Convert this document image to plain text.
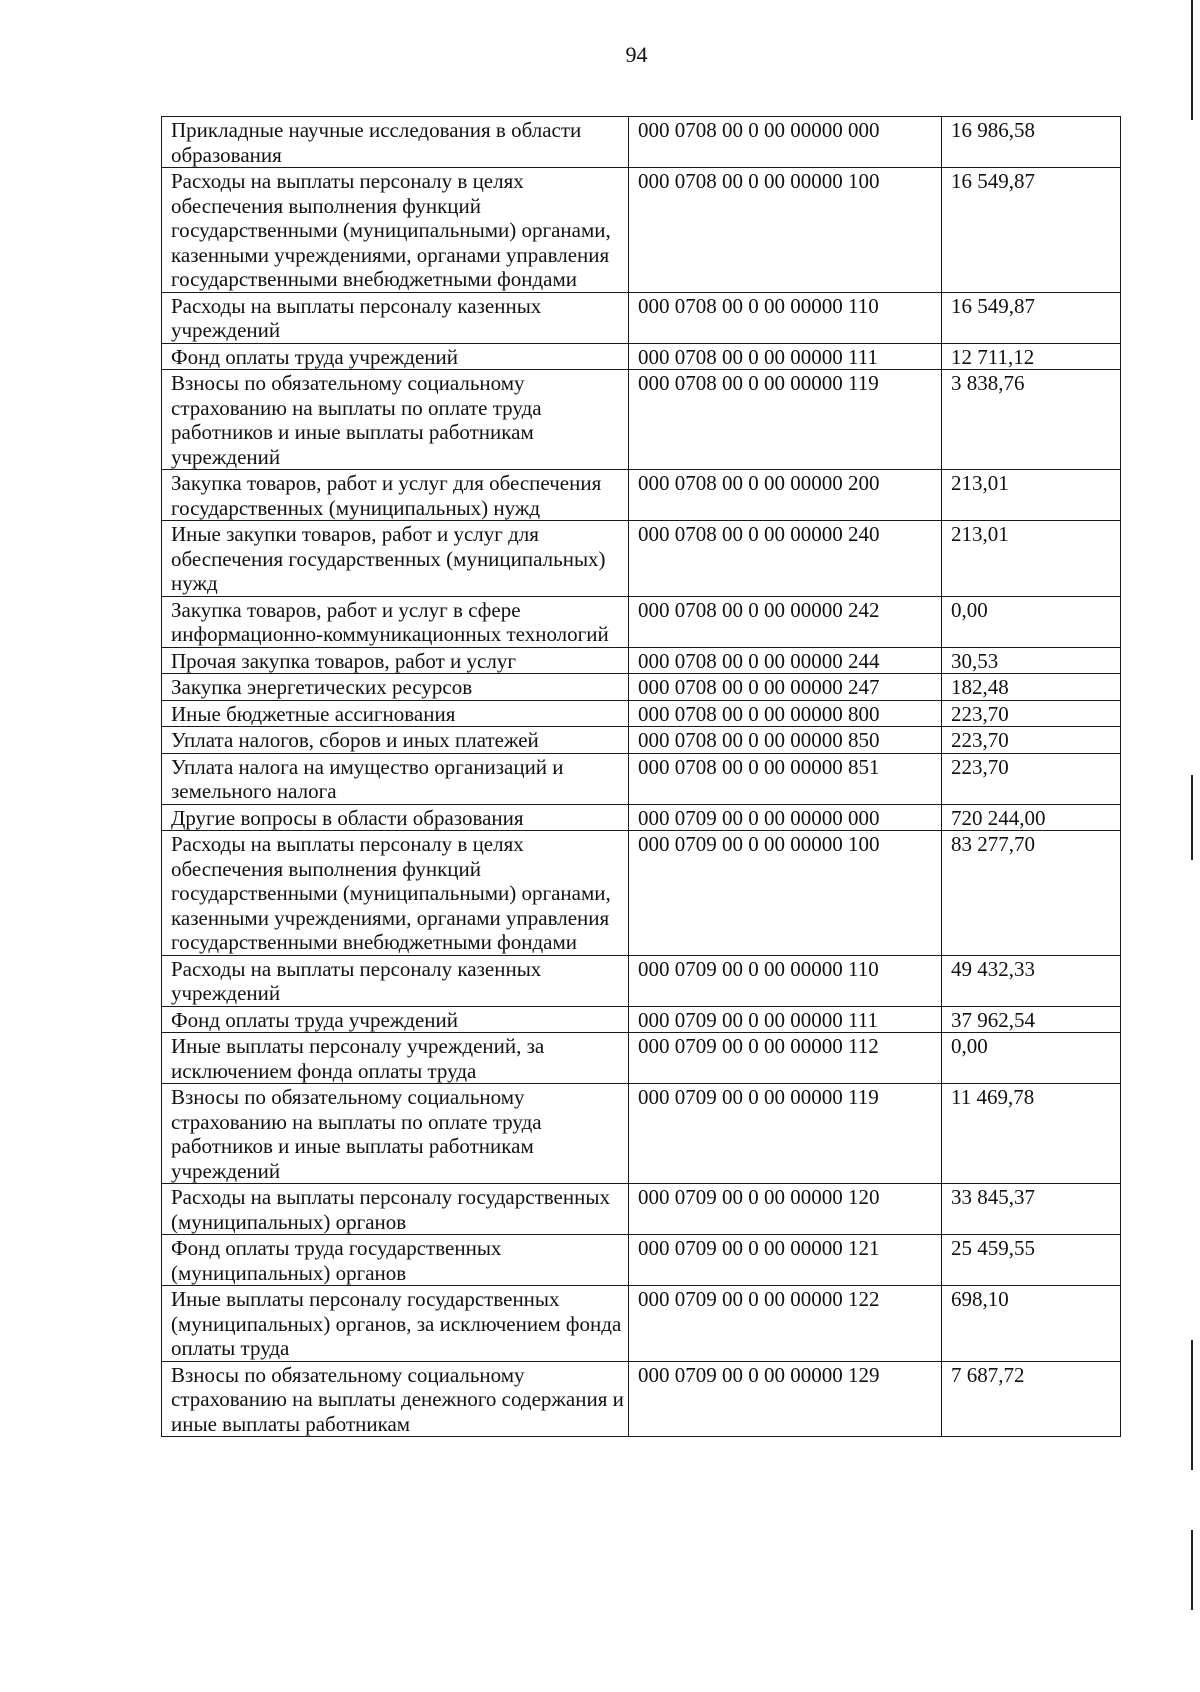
94
Прикладные научные исследования в области образования	000 0708 00 0 00 00000 000	16 986,58
Расходы на выплаты персоналу в целях обеспечения выполнения функций государственными (муниципальными) органами, казенными учреждениями, органами управления государственными внебюджетными фондами	000 0708 00 0 00 00000 100	16 549,87
Расходы на выплаты персоналу казенных учреждений	000 0708 00 0 00 00000 110	16 549,87
Фонд оплаты труда учреждений	000 0708 00 0 00 00000 111	12 711,12
Взносы по обязательному социальному страхованию на выплаты по оплате труда работников и иные выплаты работникам учреждений	000 0708 00 0 00 00000 119	3 838,76
Закупка товаров, работ и услуг для обеспечения государственных (муниципальных) нужд	000 0708 00 0 00 00000 200	213,01
Иные закупки товаров, работ и услуг для обеспечения государственных (муниципальных) нужд	000 0708 00 0 00 00000 240	213,01
Закупка товаров, работ и услуг в сфере информационно-коммуникационных технологий	000 0708 00 0 00 00000 242	0,00
Прочая закупка товаров, работ и услуг	000 0708 00 0 00 00000 244	30,53
Закупка энергетических ресурсов	000 0708 00 0 00 00000 247	182,48
Иные бюджетные ассигнования	000 0708 00 0 00 00000 800	223,70
Уплата налогов, сборов и иных платежей	000 0708 00 0 00 00000 850	223,70
Уплата налога на имущество организаций и земельного налога	000 0708 00 0 00 00000 851	223,70
Другие вопросы в области образования	000 0709 00 0 00 00000 000	720 244,00
Расходы на выплаты персоналу в целях обеспечения выполнения функций государственными (муниципальными) органами, казенными учреждениями, органами управления государственными внебюджетными фондами	000 0709 00 0 00 00000 100	83 277,70
Расходы на выплаты персоналу казенных учреждений	000 0709 00 0 00 00000 110	49 432,33
Фонд оплаты труда учреждений	000 0709 00 0 00 00000 111	37 962,54
Иные выплаты персоналу учреждений, за исключением фонда оплаты труда	000 0709 00 0 00 00000 112	0,00
Взносы по обязательному социальному страхованию на выплаты по оплате труда работников и иные выплаты работникам учреждений	000 0709 00 0 00 00000 119	11 469,78
Расходы на выплаты персоналу государственных (муниципальных) органов	000 0709 00 0 00 00000 120	33 845,37
Фонд оплаты труда государственных (муниципальных) органов	000 0709 00 0 00 00000 121	25 459,55
Иные выплаты персоналу государственных (муниципальных) органов, за исключением фонда оплаты труда	000 0709 00 0 00 00000 122	698,10
Взносы по обязательному социальному страхованию на выплаты денежного содержания и иные выплаты работникам	000 0709 00 0 00 00000 129	7 687,72
